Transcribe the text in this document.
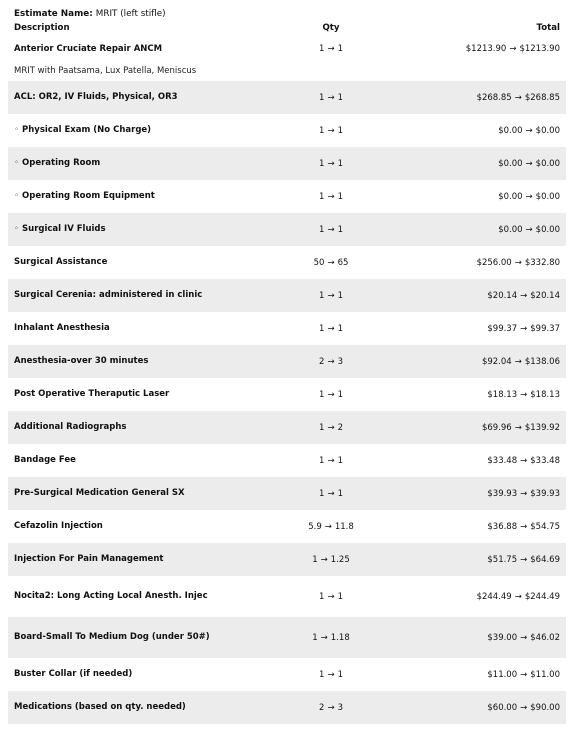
Estimate Name: MRIT (left stifle)
Description	Qty	Total
Anterior Cruciate Repair ANCM	1 → 1	$1213.90 → $1213.90
MRIT with Paatsama, Lux Patella, Meniscus
ACL: OR2, IV Fluids, Physical, OR3	1 → 1	$268.85 → $268.85
◦ Physical Exam (No Charge)	1 → 1	$0.00 → $0.00
◦ Operating Room	1 → 1	$0.00 → $0.00
◦ Operating Room Equipment	1 → 1	$0.00 → $0.00
◦ Surgical IV Fluids	1 → 1	$0.00 → $0.00
Surgical Assistance	50 → 65	$256.00 → $332.80
Surgical Cerenia: administered in clinic	1 → 1	$20.14 → $20.14
Inhalant Anesthesia	1 → 1	$99.37 → $99.37
Anesthesia-over 30 minutes	2 → 3	$92.04 → $138.06
Post Operative Theraputic Laser	1 → 1	$18.13 → $18.13
Additional Radiographs	1 → 2	$69.96 → $139.92
Bandage Fee	1 → 1	$33.48 → $33.48
Pre-Surgical Medication General SX	1 → 1	$39.93 → $39.93
Cefazolin Injection	5.9 → 11.8	$36.88 → $54.75
Injection For Pain Management	1 → 1.25	$51.75 → $64.69
Nocita2: Long Acting Local Anesth. Injec	1 → 1	$244.49 → $244.49
Board-Small To Medium Dog (under 50#)	1 → 1.18	$39.00 → $46.02
Buster Collar (if needed)	1 → 1	$11.00 → $11.00
Medications (based on qty. needed)	2 → 3	$60.00 → $90.00
